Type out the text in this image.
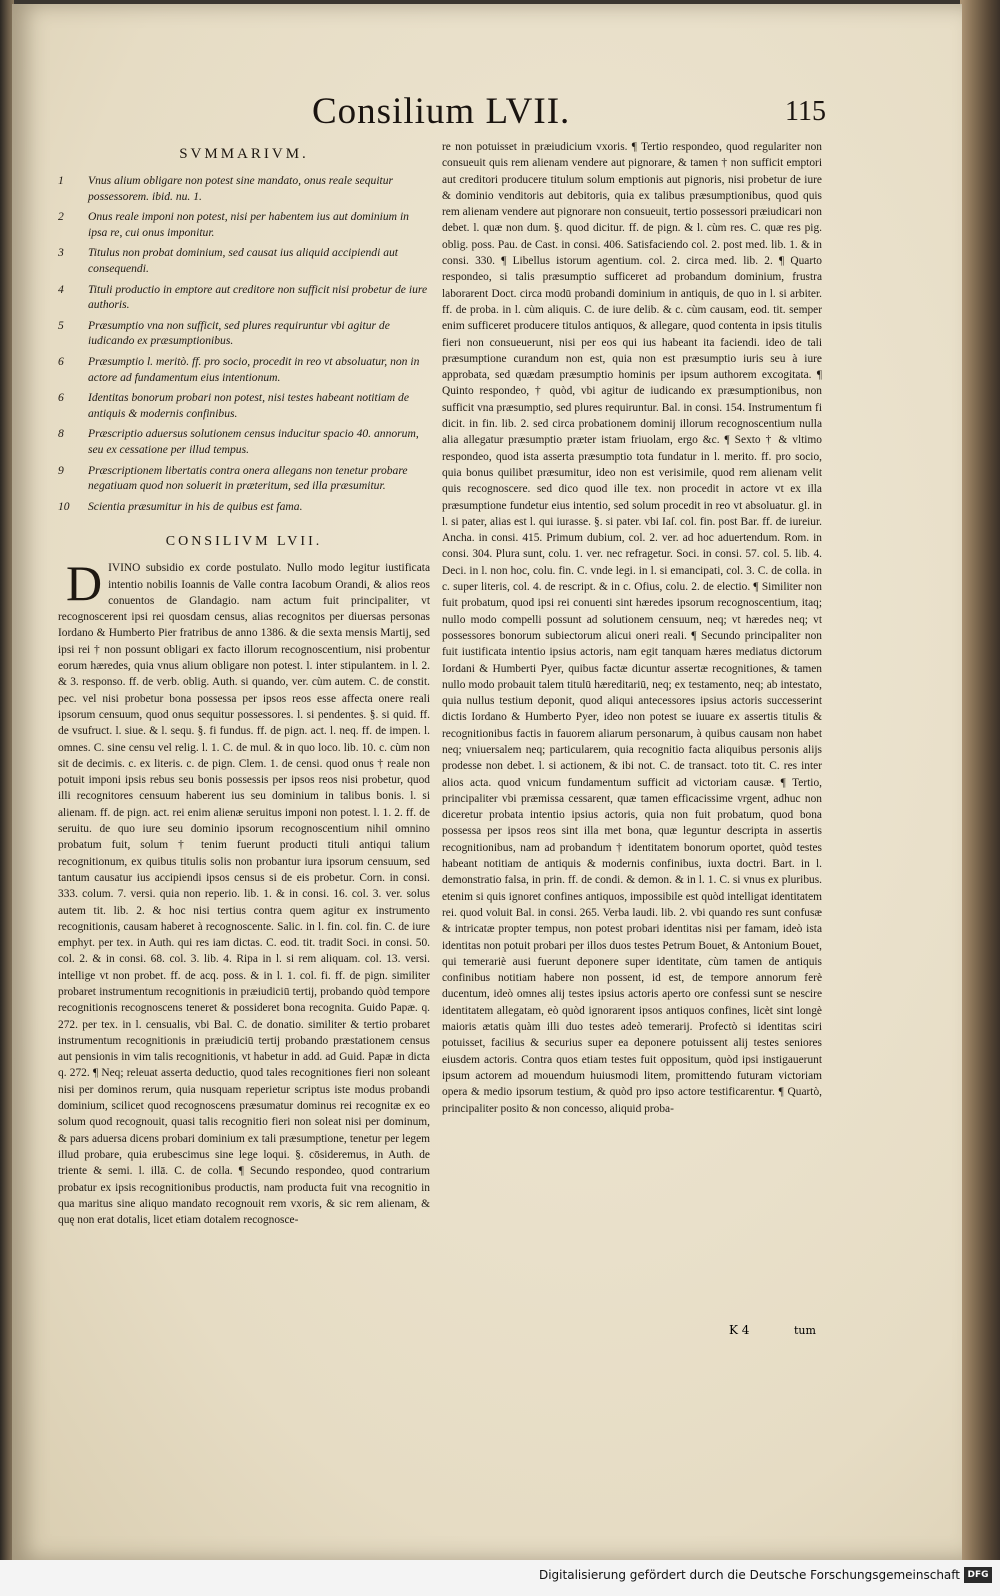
Consilium LVII.	115
SVMMARIVM.
1	Vnus alium obligare non potest sine mandato, onus reale sequitur possessorem. ibid. nu. 1.
2	Onus reale imponi non potest, nisi per habentem ius aut dominium in ipsa re, cui onus imponitur.
3	Titulus non probat dominium, sed causat ius aliquid accipiendi aut consequendi.
4	Tituli productio in emptore aut creditore non sufficit nisi probetur de iure authoris.
5	Præsumptio vna non sufficit, sed plures requiruntur vbi agitur de iudicando ex præsumptionibus.
6	Præsumptio l. meritò. ff. pro socio, procedit in reo vt absoluatur, non in actore ad fundamentum eius intentionum.
6	Identitas bonorum probari non potest, nisi testes habeant notitiam de antiquis & modernis confinibus.
8	Præscriptio aduersus solutionem census inducitur spacio 40. annorum, seu ex cessatione per illud tempus.
9	Præscriptionem libertatis contra onera allegans non tenetur probare negatiuam quod non soluerit in præteritum, sed illa præsumitur.
10 Scientia præsumitur in his de quibus est fama.
CONSILIVM LVII.
DIVINO subsidio ex corde postulato. Nullo modo legitur iustificata intentio nobilis Ioannis de Valle contra Iacobum Orandi, & alios reos conuentos de Glandagio. nam actum fuit principaliter, vt recognoscerent ipsi rei quosdam census, alias recognitos per diuersas personas Iordano & Humberto Pier fratribus de anno 1386. & die sexta mensis Martij, sed ipsi rei † non possunt obligari ex facto illorum recognoscentium, nisi probentur eorum hæredes, quia vnus alium obligare non potest. l. inter stipulantem. in l. 2. & 3. responso. ff. de verb. oblig. Auth. si quando, ver. cùm autem. C. de constit. pec. vel nisi probetur bona possessa per ipsos reos esse affecta onere reali ipsorum censuum, quod onus sequitur possessores. l. si pendentes. §. si quid. ff. de vsufruct. l. siue. & l. sequ. §. fi fundus. ff. de pign. act. l. neq. ff. de impen. l. omnes. C. sine censu vel relig. l. 1. C. de mul. & in quo loco. lib. 10. c. cùm non sit de decimis. c. ex literis. c. de pign. Clem. 1. de censi. quod onus † reale non potuit imponi ipsis rebus seu bonis possessis per ipsos reos nisi probetur, quod illi recognitores censuum haberent ius seu dominium in talibus bonis. l. si alienam. ff. de pign. act. rei enim alienæ seruitus imponi non potest. l. 1. 2. ff. de seruitu. de quo iure seu dominio ipsorum recognoscentium nihil omnino probatum fuit, solum † tenim fuerunt producti tituli antiqui talium recognitionum, ex quibus titulis solis non probantur iura ipsorum censuum, sed tantum causatur ius accipiendi ipsos census si de eis probetur. Corn. in consi. 333. colum. 7. versi. quia non reperio. lib. 1. & in consi. 16. col. 3. ver. solus autem tit. lib. 2. & hoc nisi tertius contra quem agitur ex instrumento recognitionis, causam haberet à recognoscente. Salic. in l. fin. col. fin. C. de iure emphyt. per tex. in Auth. qui res iam dictas. C. eod. tit. tradit Soci. in consi. 50. col. 2. & in consi. 68. col. 3. lib. 4. Ripa in l. si rem aliquam. col. 13. versi. intellige vt non probet. ff. de acq. poss. & in l. 1. col. fi. ff. de pign. similiter probaret instrumentum recognitionis in præiudiciū tertij, probando quòd tempore recognitionis recognoscens teneret & possideret bona recognita. Guido Papæ. q. 272. per tex. in l. censualis, vbi Bal. C. de donatio. similiter & tertio probaret instrumentum recognitionis in præiudiciū tertij probando præstationem census aut pensionis in vim talis recognitionis, vt habetur in add. ad Guid. Papæ in dicta q. 272. ¶ Neq; releuat asserta deductio, quod tales recognitiones fieri non soleant nisi per dominos rerum, quia nusquam reperietur scriptus iste modus probandi dominium, scilicet quod recognoscens præsumatur dominus rei recognitæ ex eo solum quod recognouit, quasi talis recognitio fieri non soleat nisi per dominum, & pars aduersa dicens probari dominium ex tali præsumptione, tenetur per legem illud probare, quia erubescimus sine lege loqui. §. cōsideremus, in Auth. de triente & semi. l. illā. C. de colla. ¶ Secundo respondeo, quod contrarium probatur ex ipsis recognitionibus productis, nam producta fuit vna recognitio in qua maritus sine aliquo mandato recognouit rem vxoris, & sic rem alienam, & quę non erat dotalis, licet etiam dotalem recognosce-
re non potuisset in præiudicium vxoris. ¶ Tertio respondeo, quod regulariter non consueuit quis rem alienam vendere aut pignorare, & tamen † non sufficit emptori aut creditori producere titulum solum emptionis aut pignoris, nisi probetur de iure & dominio venditoris aut debitoris, quia ex talibus præsumptionibus, quod quis rem alienam vendere aut pignorare non consueuit, tertio possessori præiudicari non debet. l. quæ non dum. §. quod dicitur. ff. de pign. & l. cùm res. C. quæ res pig. oblig. poss. Pau. de Cast. in consi. 406. Satisfaciendo col. 2. post med. lib. 1. & in consi. 330. ¶ Libellus istorum agentium. col. 2. circa med. lib. 2. ¶ Quarto respondeo, si talis præsumptio sufficeret ad probandum dominium, frustra laborarent Doct. circa modū probandi dominium in antiquis, de quo in l. si arbiter. ff. de proba. in l. cùm aliquis. C. de iure delib. & c. cùm causam, eod. tit. semper enim sufficeret producere titulos antiquos, & allegare, quod contenta in ipsis titulis fieri non consueuerunt, nisi per eos qui ius habeant ita faciendi. ideo de tali præsumptione curandum non est, quia non est præsumptio iuris seu à iure approbata, sed quædam præsumptio hominis per ipsum authorem excogitata. ¶ Quinto respondeo, † quòd, vbi agitur de iudicando ex præsumptionibus, non sufficit vna præsumptio, sed plures requiruntur. Bal. in consi. 154. Instrumentum fi dicit. in fin. lib. 2. sed circa probationem dominij illorum recognoscentium nulla alia allegatur præsumptio præter istam friuolam, ergo &c. ¶ Sexto † & vltimo respondeo, quod ista asserta præsumptio tota fundatur in l. merito. ff. pro socio, quia bonus quilibet præsumitur, ideo non est verisimile, quod rem alienam velit quis recognoscere. sed dico quod ille tex. non procedit in actore vt ex illa præsumptione fundetur eius intentio, sed solum procedit in reo vt absoluatur. gl. in l. si pater, alias est l. qui iurasse. §. si pater. vbi Iaſ. col. fin. post Bar. ff. de iureiur. Ancha. in consi. 415. Primum dubium, col. 2. ver. ad hoc aduertendum. Rom. in consi. 304. Plura sunt, colu. 1. ver. nec refragetur. Soci. in consi. 57. col. 5. lib. 4. Deci. in l. non hoc, colu. fin. C. vnde legi. in l. si emancipati, col. 3. C. de colla. in c. super literis, col. 4. de rescript. & in c. Ofius, colu. 2. de electio. ¶ Similiter non fuit probatum, quod ipsi rei conuenti sint hæredes ipsorum recognoscentium, itaq; nullo modo compelli possunt ad solutionem censuum, neq; vt hæredes neq; vt possessores bonorum subiectorum alicui oneri reali. ¶ Secundo principaliter non fuit iustificata intentio ipsius actoris, nam egit tanquam hæres mediatus dictorum Iordani & Humberti Pyer, quibus factæ dicuntur assertæ recognitiones, & tamen nullo modo probauit talem titulū hæreditariū, neq; ex testamento, neq; ab intestato, quia nullus testium deponit, quod aliqui antecessores ipsius actoris successerint dictis Iordano & Humberto Pyer, ideo non potest se iuuare ex assertis titulis & recognitionibus factis in fauorem aliarum personarum, à quibus causam non habet neq; vniuersalem neq; particularem, quia recognitio facta aliquibus personis alijs prodesse non debet. l. si actionem, & ibi not. C. de transact. toto tit. C. res inter alios acta. quod vnicum fundamentum sufficit ad victoriam causæ. ¶ Tertio, principaliter vbi præmissa cessarent, quæ tamen efficacissime vrgent, adhuc non diceretur probata intentio ipsius actoris, quia non fuit probatum, quod bona possessa per ipsos reos sint illa met bona, quæ leguntur descripta in assertis recognitionibus, nam ad probandum † identitatem bonorum oportet, quòd testes habeant notitiam de antiquis & modernis confinibus, iuxta doctri. Bart. in l. demonstratio falsa, in prin. ff. de condi. & demon. & in l. 1. C. si vnus ex pluribus. etenim si quis ignoret confines antiquos, impossibile est quòd intelligat identitatem rei. quod voluit Bal. in consi. 265. Verba laudi. lib. 2. vbi quando res sunt confusæ & intricatæ propter tempus, non potest probari identitas nisi per famam, ideò ista identitas non potuit probari per illos duos testes Petrum Bouet, & Antonium Bouet, qui temerariè ausi fuerunt deponere super identitate, cùm tamen de antiquis confinibus notitiam habere non possent, id est, de tempore annorum ferè ducentum, ideò omnes alij testes ipsius actoris aperto ore confessi sunt se nescire identitatem allegatam, eò quòd ignorarent ipsos antiquos confines, licèt sint longè maioris ætatis quàm illi duo testes adeò temerarij. Profectò si identitas sciri potuisset, facilius & securius super ea deponere potuissent alij testes seniores eiusdem actoris. Contra quos etiam testes fuit oppositum, quòd ipsi instigauerunt ipsum actorem ad mouendum huiusmodi litem, promittendo futuram victoriam opera & medio ipsorum testium, & quòd pro ipso actore testificarentur. ¶ Quartò, principaliter posito & non concesso, aliquid proba-
K 4	tum
Digitalisierung gefördert durch die Deutsche Forschungsgemeinschaft DFG
